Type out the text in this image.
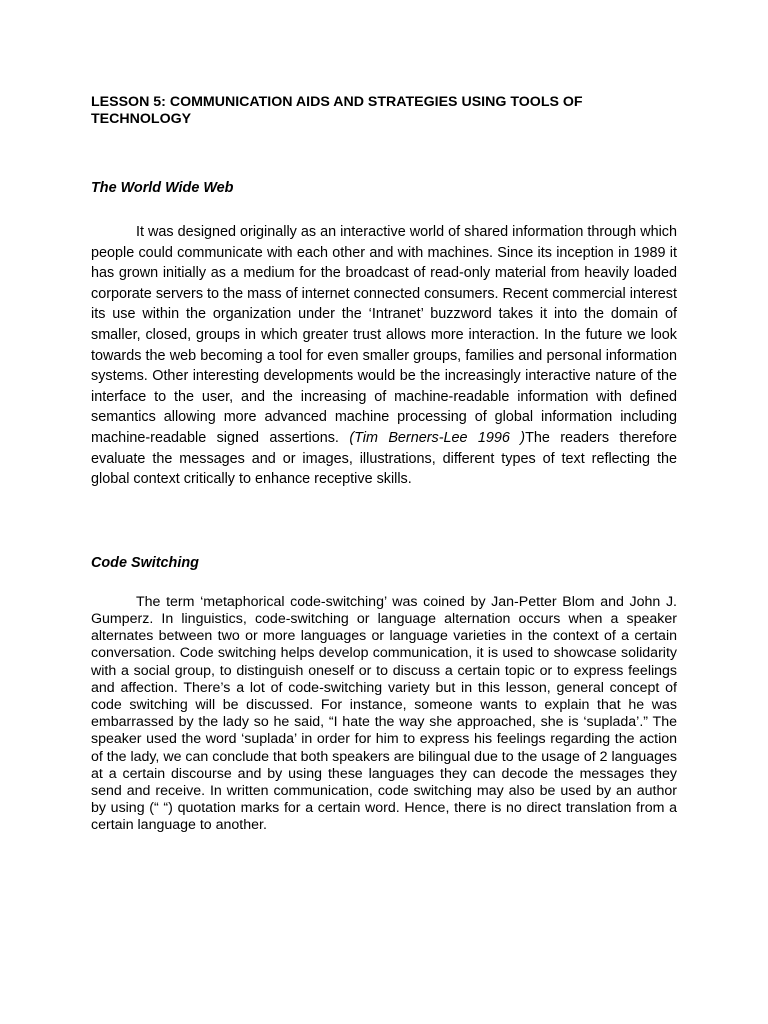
LESSON 5: COMMUNICATION AIDS AND STRATEGIES USING TOOLS OF TECHNOLOGY
The World Wide Web

It was designed originally as an interactive world of shared information through which people could communicate with each other and with machines. Since its inception in 1989 it has grown initially as a medium for the broadcast of read-only material from heavily loaded corporate servers to the mass of internet connected consumers. Recent commercial interest its use within the organization under the ‘Intranet’ buzzword takes it into the domain of smaller, closed, groups in which greater trust allows more interaction. In the future we look towards the web becoming a tool for even smaller groups, families and personal information systems. Other interesting developments would be the increasingly interactive nature of the interface to the user, and the increasing of machine-readable information with defined semantics allowing more advanced machine processing of global information including machine-readable signed assertions. (Tim Berners-Lee 1996 )The readers therefore evaluate the messages and or images, illustrations, different types of text reflecting the global context critically to enhance receptive skills.

Code Switching

The term ‘metaphorical code-switching’ was coined by Jan-Petter Blom and John J. Gumperz. In linguistics, code-switching or language alternation occurs when a speaker alternates between two or more languages or language varieties in the context of a certain conversation. Code switching helps develop communication, it is used to showcase solidarity with a social group, to distinguish oneself or to discuss a certain topic or to express feelings and affection. There’s a lot of code-switching variety but in this lesson, general concept of code switching will be discussed. For instance, someone wants to explain that he was embarrassed by the lady so he said, “I hate the way she approached, she is ‘suplada’.” The speaker used the word ‘suplada’ in order for him to express his feelings regarding the action of the lady, we can conclude that both speakers are bilingual due to the usage of 2 languages at a certain discourse and by using these languages they can decode the messages they send and receive. In written communication, code switching may also be used by an author by using (“ “) quotation marks for a certain word. Hence, there is no direct translation from a certain language to another.
